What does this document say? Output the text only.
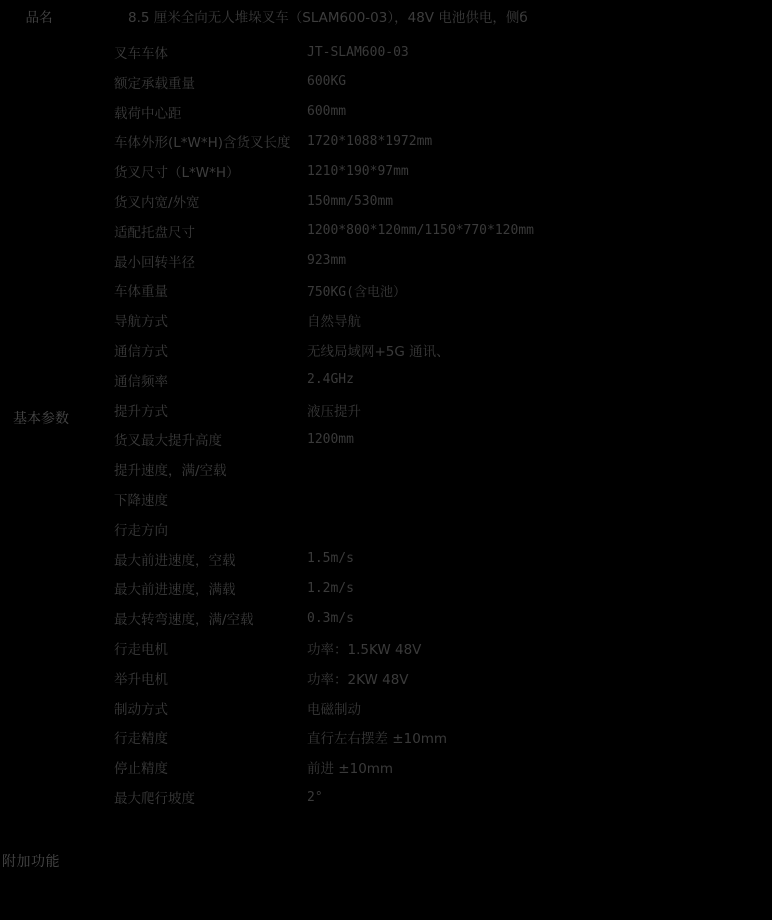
品名	8.5 厘米全向无人堆垛叉车（SLAM600-03），48V 电池供电，侧б
基本参数
叉车车体	JT-SLAM600-03
额定承载重量	600KG
载荷中心距	600mm
车体外形(L*W*H)含货叉长度	1720*1088*1972mm
货叉尺寸（L*W*H）	1210*190*97mm
货叉内宽/外宽	150mm/530mm
适配托盘尺寸	1200*800*120mm/1150*770*120mm
最小回转半径	923mm
车体重量	750KG(含电池）
导航方式	自然导航
通信方式	无线局域网+5G 通讯、
通信频率	2.4GHz
提升方式	液压提升
货叉最大提升高度	1200mm
提升速度，满/空载
下降速度
行走方向
最大前进速度，空载	1.5m/s
最大前进速度，满载	1.2m/s
最大转弯速度，满/空载	0.3m/s
行走电机	功率：1.5KW 48V
举升电机	功率：2KW 48V
制动方式	电磁制动
行走精度	直行左右摆差 ±10mm
停止精度	前进 ±10mm
最大爬行坡度	2°
附加功能
